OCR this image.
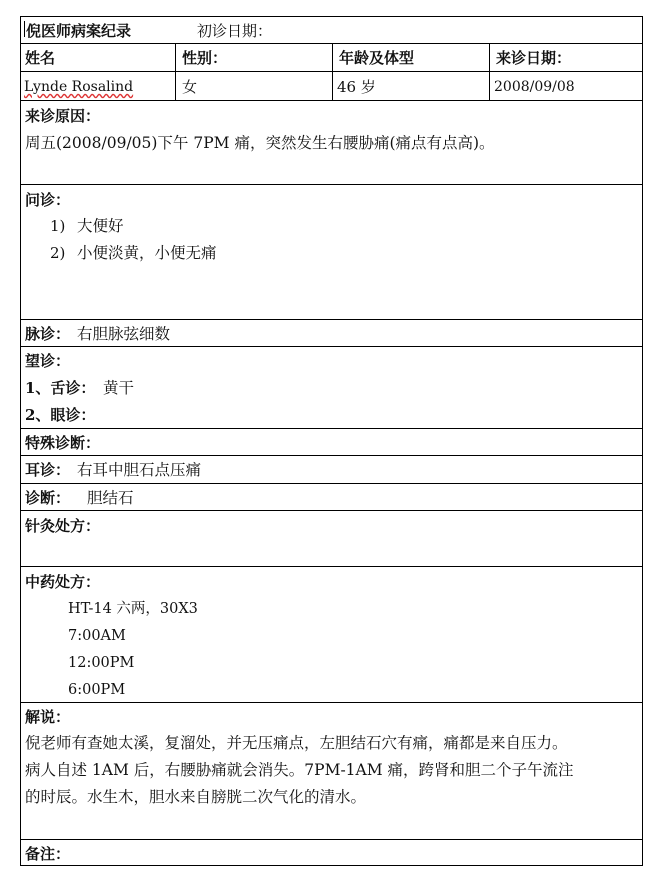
倪医师病案纪录	初诊日期：
姓名	性别：	年龄及体型	来诊日期：
Lynde Rosalind	女	46 岁	2008/09/08
来诊原因：
周五(2008/09/05)下午 7PM 痛，突然发生右腰胁痛(痛点有点高)。
问诊：
1) 大便好
2) 小便淡黄，小便无痛
脉诊： 右胆脉弦细数
望诊：
1、舌诊： 黄干
2、眼诊：
特殊诊断：
耳诊： 右耳中胆石点压痛
诊断： 胆结石
针灸处方：
中药处方：
HT-14 六两，30X3
7:00AM
12:00PM
6:00PM
解说：
倪老师有查她太溪，复溜处，并无压痛点，左胆结石穴有痛，痛都是来自压力。
病人自述 1AM 后，右腰胁痛就会消失。7PM-1AM 痛，跨肾和胆二个子午流注
的时辰。水生木，胆水来自膀胱二次气化的清水。
备注：
